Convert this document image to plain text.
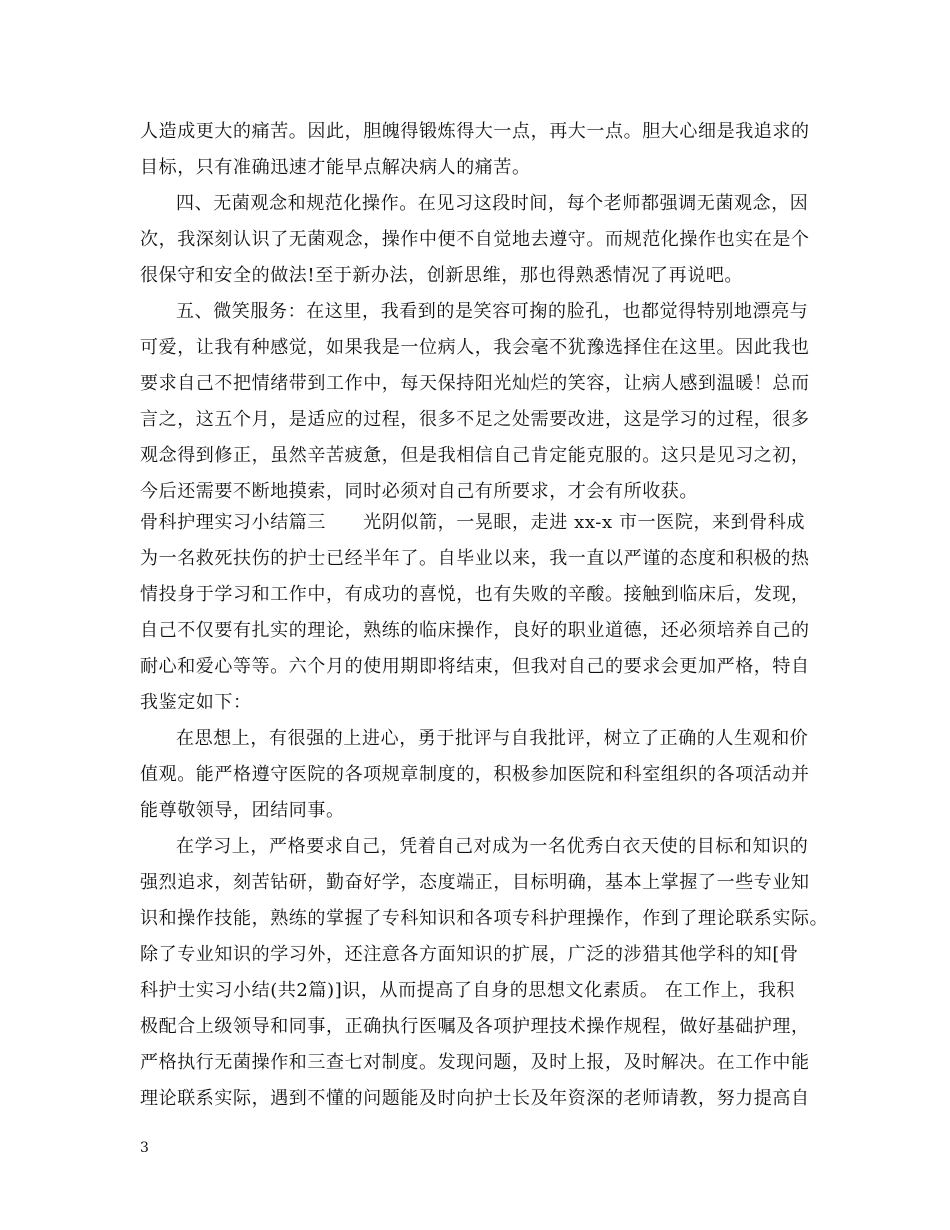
人造成更大的痛苦。因此，胆魄得锻炼得大一点，再大一点。胆大心细是我追求的
目标，只有准确迅速才能早点解决病人的痛苦。
四、无菌观念和规范化操作。在见习这段时间，每个老师都强调无菌观念，因
次，我深刻认识了无菌观念，操作中便不自觉地去遵守。而规范化操作也实在是个
很保守和安全的做法!至于新办法，创新思维，那也得熟悉情况了再说吧。
五、微笑服务：在这里，我看到的是笑容可掬的脸孔，也都觉得特别地漂亮与
可爱，让我有种感觉，如果我是一位病人，我会毫不犹豫选择住在这里。因此我也
要求自己不把情绪带到工作中，每天保持阳光灿烂的笑容，让病人感到温暖！总而
言之，这五个月，是适应的过程，很多不足之处需要改进，这是学习的过程，很多
观念得到修正，虽然辛苦疲惫，但是我相信自己肯定能克服的。这只是见习之初，
今后还需要不断地摸索，同时必须对自己有所要求，才会有所收获。
骨科护理实习小结篇三　　光阴似箭，一晃眼，走进 xx-x 市一医院，来到骨科成
为一名救死扶伤的护士已经半年了。自毕业以来，我一直以严谨的态度和积极的热
情投身于学习和工作中，有成功的喜悦，也有失败的辛酸。接触到临床后，发现，
自己不仅要有扎实的理论，熟练的临床操作，良好的职业道德，还必须培养自己的
耐心和爱心等等。六个月的使用期即将结束，但我对自己的要求会更加严格，特自
我鉴定如下：
在思想上，有很强的上进心，勇于批评与自我批评，树立了正确的人生观和价
值观。能严格遵守医院的各项规章制度的，积极参加医院和科室组织的各项活动并
能尊敬领导，团结同事。
在学习上，严格要求自己，凭着自己对成为一名优秀白衣天使的目标和知识的
强烈追求，刻苦钻研，勤奋好学，态度端正，目标明确，基本上掌握了一些专业知
识和操作技能，熟练的掌握了专科知识和各项专科护理操作，作到了理论联系实际。
除了专业知识的学习外，还注意各方面知识的扩展，广泛的涉猎其他学科的知[骨
科护士实习小结(共2篇)]识，从而提高了自身的思想文化素质。 在工作上，我积
极配合上级领导和同事，正确执行医嘱及各项护理技术操作规程，做好基础护理，
严格执行无菌操作和三查七对制度。发现问题，及时上报，及时解决。在工作中能
理论联系实际，遇到不懂的问题能及时向护士长及年资深的老师请教，努力提高自
3
